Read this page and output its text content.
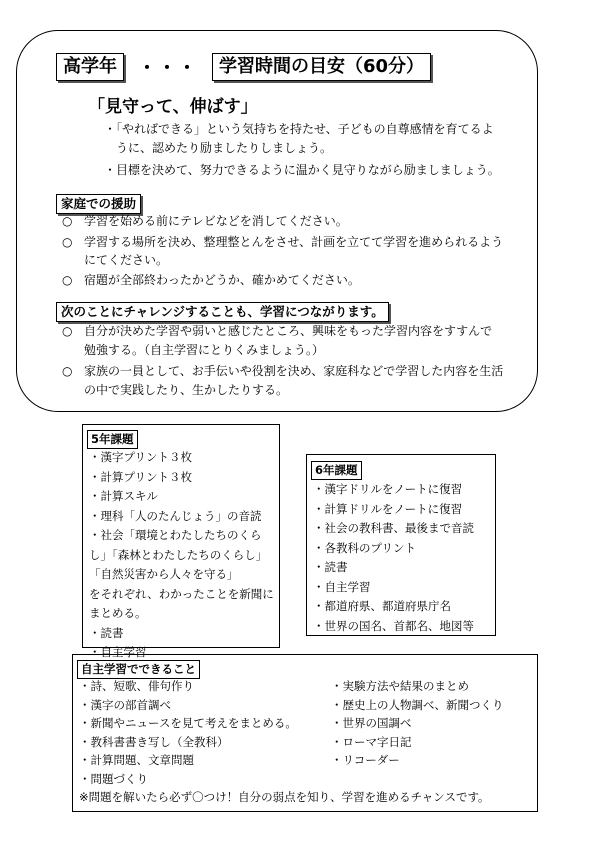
高学年	・・・	学習時間の目安（60分）
「見守って、伸ばす」
・「やればできる」という気持ちを持たせ、子どもの自尊感情を育てるよ
うに、認めたり励ましたりしましょう。
・目標を決めて、努力できるように温かく見守りながら励ましましょう。
家庭での援助
○ 学習を始める前にテレビなどを消してください。
○ 学習する場所を決め、整理整とんをさせ、計画を立てて学習を進められるよう
にてください。
○ 宿題が全部終わったかどうか、確かめてください。
次のことにチャレンジすることも、学習につながります。
○ 自分が決めた学習や弱いと感じたところ、興味をもった学習内容をすすんで
勉強する。（自主学習にとりくみましょう。）
○ 家族の一員として、お手伝いや役割を決め、家庭科などで学習した内容を生活
の中で実践したり、生かしたりする。
5年課題
・漢字プリント３枚
・計算プリント３枚
・計算スキル
・理科「人のたんじょう」の音読
・社会「環境とわたしたちのくら
し」「森林とわたしたちのくらし」
「自然災害から人々を守る」
をそれぞれ、わかったことを新聞に
まとめる。
・読書
・自主学習
6年課題
・漢字ドリルをノートに復習
・計算ドリルをノートに復習
・社会の教科書、最後まで音読
・各教科のプリント
・読書
・自主学習
・都道府県、都道府県庁名
・世界の国名、首都名、地図等
自主学習でできること
・詩、短歌、俳句作り
・漢字の部首調べ
・新聞やニュースを見て考えをまとめる。
・教科書書き写し（全教科）
・計算問題、文章問題
・問題づくり
・実験方法や結果のまとめ
・歴史上の人物調べ、新聞つくり
・世界の国調べ
・ローマ字日記
・リコーダー
※問題を解いたら必ず〇つけ！自分の弱点を知り、学習を進めるチャンスです。
